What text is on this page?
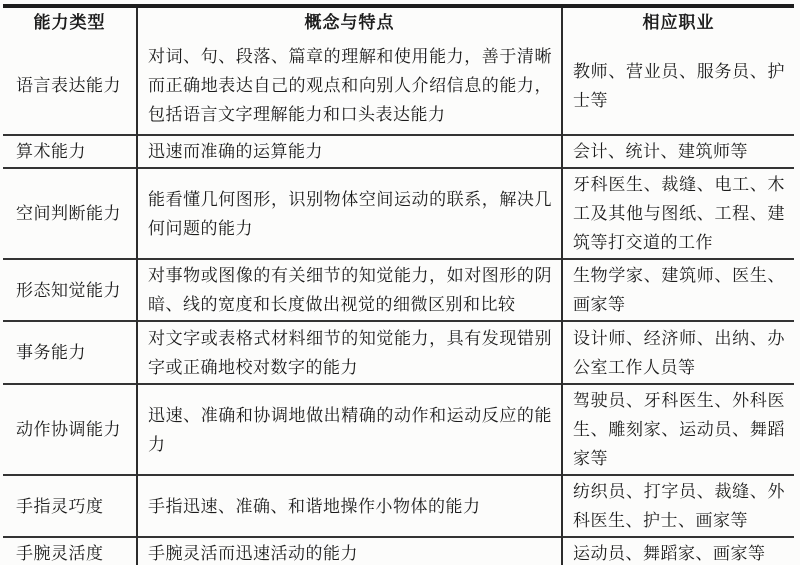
能力类型	概念与特点	相应职业
语言表达能力	对词、句、段落、篇章的理解和使用能力，善于清晰而正确地表达自己的观点和向别人介绍信息的能力，包括语言文字理解能力和口头表达能力	教师、营业员、服务员、护士等
算术能力	迅速而准确的运算能力	会计、统计、建筑师等
空间判断能力	能看懂几何图形，识别物体空间运动的联系，解决几何问题的能力	牙科医生、裁缝、电工、木工及其他与图纸、工程、建筑等打交道的工作
形态知觉能力	对事物或图像的有关细节的知觉能力，如对图形的阴暗、线的宽度和长度做出视觉的细微区别和比较	生物学家、建筑师、医生、画家等
事务能力	对文字或表格式材料细节的知觉能力，具有发现错别字或正确地校对数字的能力	设计师、经济师、出纳、办公室工作人员等
动作协调能力	迅速、准确和协调地做出精确的动作和运动反应的能力	驾驶员、牙科医生、外科医生、雕刻家、运动员、舞蹈家等
手指灵巧度	手指迅速、准确、和谐地操作小物体的能力	纺织员、打字员、裁缝、外科医生、护士、画家等
手腕灵活度	手腕灵活而迅速活动的能力	运动员、舞蹈家、画家等
